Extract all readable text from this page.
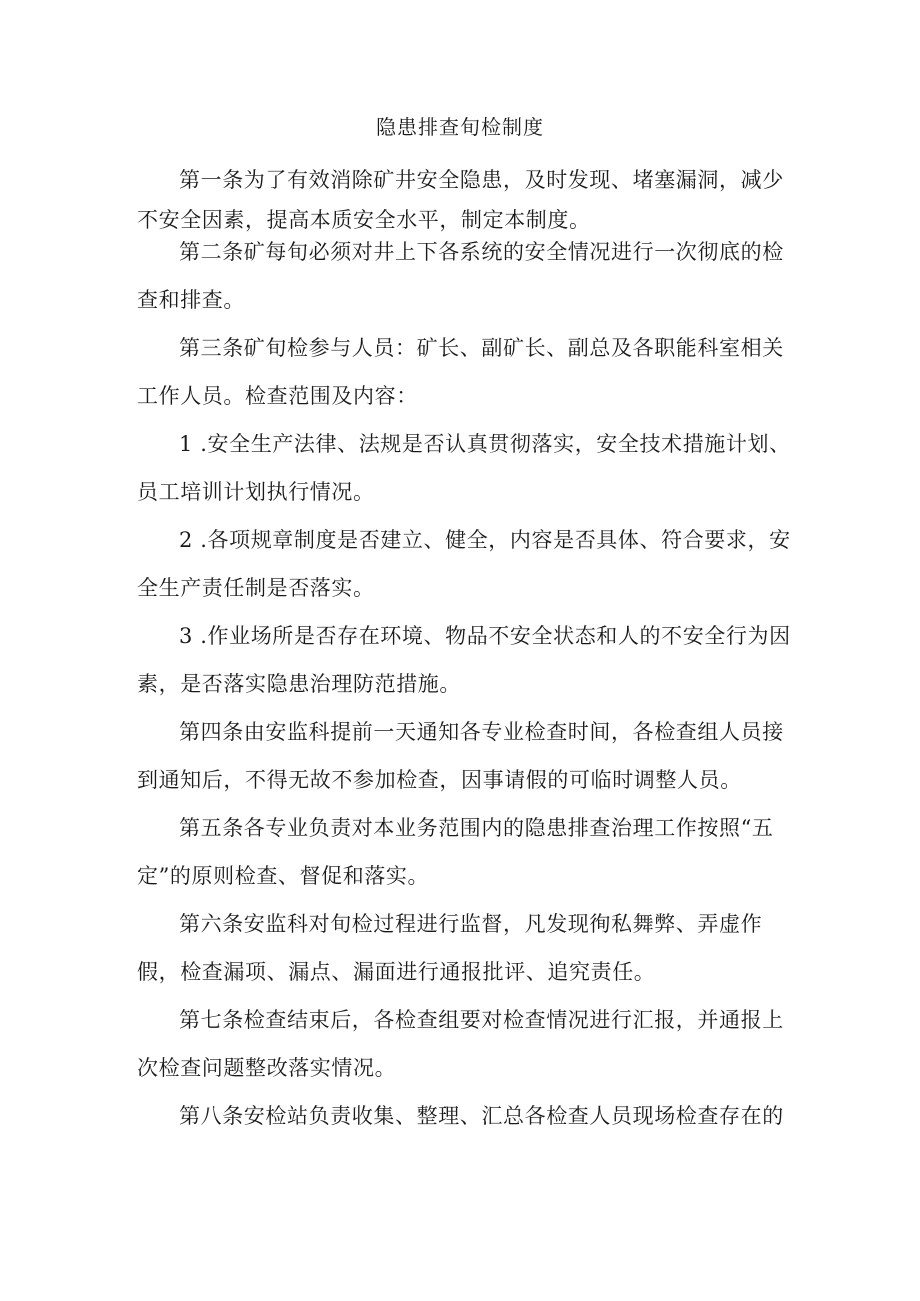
隐患排查旬检制度

第一条为了有效消除矿井安全隐患，及时发现、堵塞漏洞，减少不安全因素，提高本质安全水平，制定本制度。

第二条矿每旬必须对井上下各系统的安全情况进行一次彻底的检查和排查。

第三条矿旬检参与人员：矿长、副矿长、副总及各职能科室相关工作人员。检查范围及内容：

1 .安全生产法律、法规是否认真贯彻落实，安全技术措施计划、员工培训计划执行情况。

2 .各项规章制度是否建立、健全，内容是否具体、符合要求，安全生产责任制是否落实。

3 .作业场所是否存在环境、物品不安全状态和人的不安全行为因素，是否落实隐患治理防范措施。

第四条由安监科提前一天通知各专业检查时间，各检查组人员接到通知后，不得无故不参加检查，因事请假的可临时调整人员。

第五条各专业负责对本业务范围内的隐患排查治理工作按照“五定”的原则检查、督促和落实。

第六条安监科对旬检过程进行监督，凡发现徇私舞弊、弄虚作假，检查漏项、漏点、漏面进行通报批评、追究责任。

第七条检查结束后，各检查组要对检查情况进行汇报，并通报上次检查问题整改落实情况。

第八条安检站负责收集、整理、汇总各检查人员现场检查存在的
